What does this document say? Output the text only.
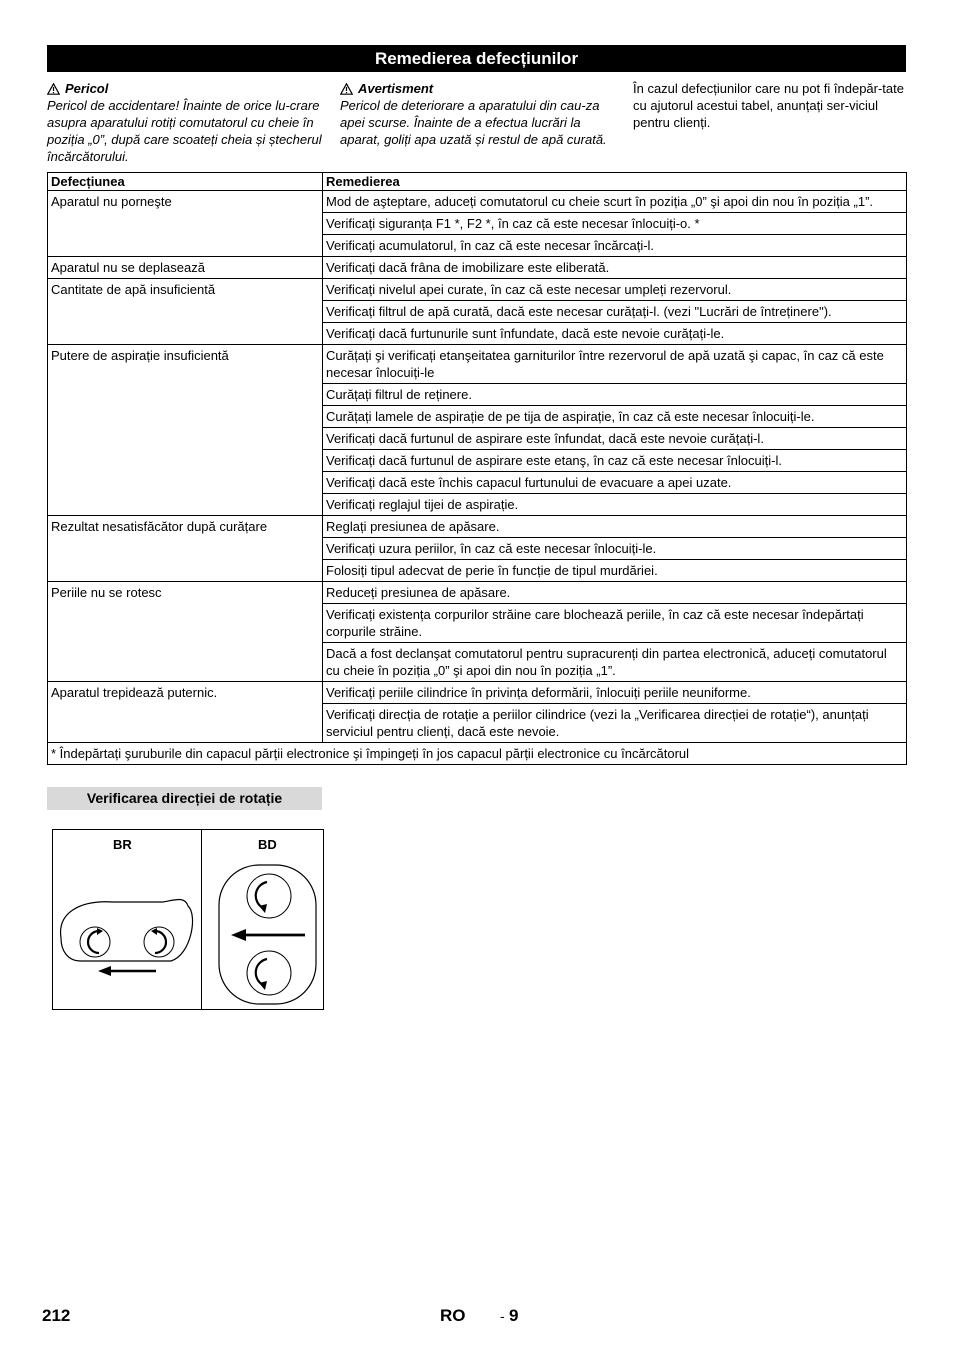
Remedierea defecțiunilor
Pericol
Pericol de accidentare! Înainte de orice lu-crare asupra aparatului rotiți comutatorul cu cheie în poziția „0”, după care scoateți cheia și ștecherul încărcătorului.
Avertisment
Pericol de deteriorare a aparatului din cau-za apei scurse. Înainte de a efectua lucrări la aparat, goliți apa uzată și restul de apă curată.
În cazul defecțiunilor care nu pot fi îndepăr-tate cu ajutorul acestui tabel, anunțați ser-viciul pentru clienți.
Defecțiunea	Remedierea
Aparatul nu porneşte	Mod de aşteptare, aduceți comutatorul cu cheie scurt în poziția „0” şi apoi din nou în poziția „1”.
	Verificați siguranța F1 *, F2 *, în caz că este necesar înlocuiți-o. *
	Verificați acumulatorul, în caz că este necesar încărcați-l.
Aparatul nu se deplasează	Verificați dacă frâna de imobilizare este eliberată.
Cantitate de apă insuficientă	Verificați nivelul apei curate, în caz că este necesar umpleți rezervorul.
	Verificați filtrul de apă curată, dacă este necesar curățați-l. (vezi "Lucrări de întreținere").
	Verificați dacă furtunurile sunt înfundate, dacă este nevoie curățați-le.
Putere de aspirație insuficientă	Curățați şi verificați etanşeitatea garniturilor între rezervorul de apă uzată şi capac, în caz că este necesar înlocuiți-le
	Curățați filtrul de reținere.
	Curățați lamele de aspirație de pe tija de aspirație, în caz că este necesar înlocuiți-le.
	Verificați dacă furtunul de aspirare este înfundat, dacă este nevoie curățați-l.
	Verificați dacă furtunul de aspirare este etanş, în caz că este necesar înlocuiți-l.
	Verificați dacă este închis capacul furtunului de evacuare a apei uzate.
	Verificați reglajul tijei de aspirație.
Rezultat nesatisfăcător după curățare	Reglați presiunea de apăsare.
	Verificați uzura periilor, în caz că este necesar înlocuiți-le.
	Folosiți tipul adecvat de perie în funcție de tipul murdăriei.
Periile nu se rotesc	Reduceți presiunea de apăsare.
	Verificați existența corpurilor străine care blochează periile, în caz că este necesar îndepărtați corpurile străine.
	Dacă a fost declanşat comutatorul pentru supracurenți din partea electronică, aduceți comutatorul cu cheie în poziția „0” şi apoi din nou în poziția „1”.
Aparatul trepidează puternic.	Verificați periile cilindrice în privința deformării, înlocuiți periile neuniforme.
	Verificați direcția de rotație a periilor cilindrice (vezi la „Verificarea direcției de rotație“), anunțați serviciul pentru clienți, dacă este nevoie.
* Îndepărtați şuruburile din capacul părții electronice şi împingeți în jos capacul părții electronice cu încărcătorul	
Verificarea direcției de rotație
BR	BD
212	RO - 9
